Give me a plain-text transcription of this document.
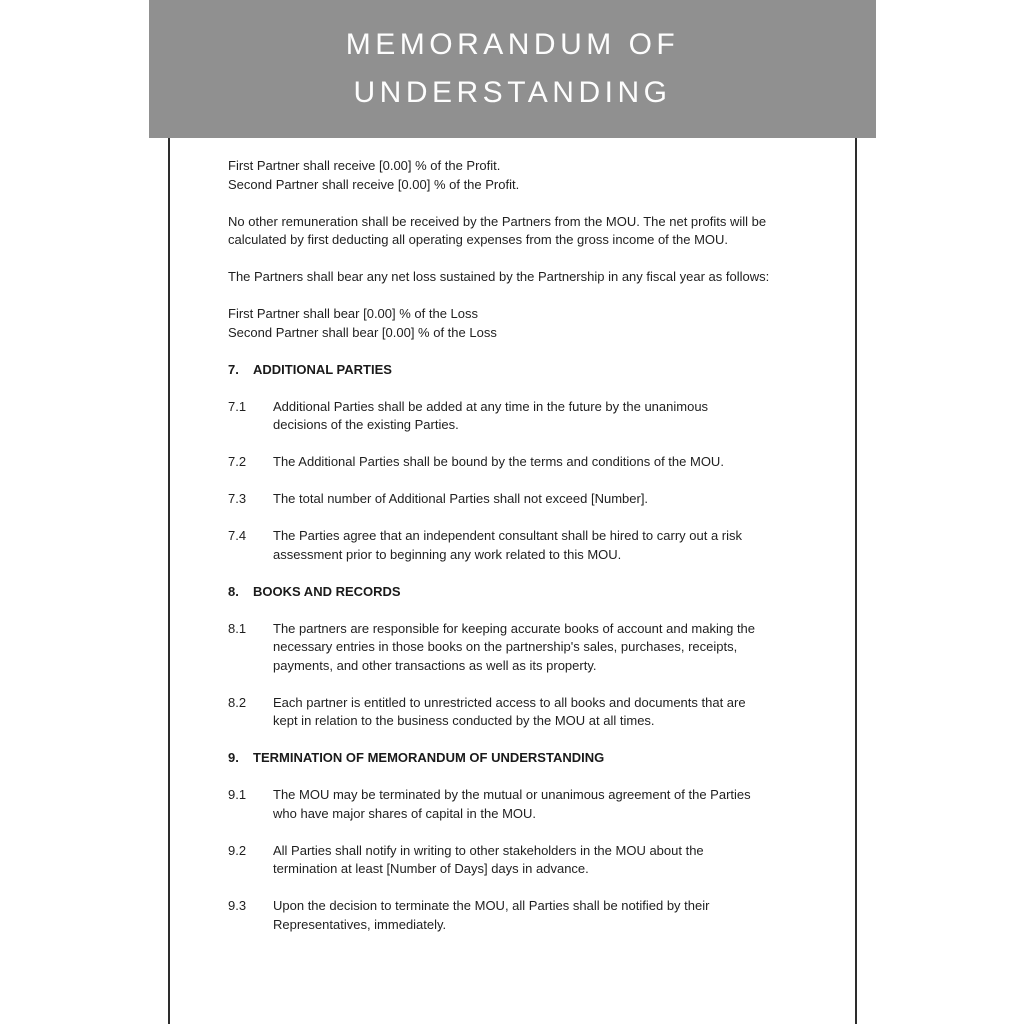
MEMORANDUM OF UNDERSTANDING

First Partner shall receive [0.00] % of the Profit.
Second Partner shall receive [0.00] % of the Profit.

No other remuneration shall be received by the Partners from the MOU. The net profits will be calculated by first deducting all operating expenses from the gross income of the MOU.

The Partners shall bear any net loss sustained by the Partnership in any fiscal year as follows:

First Partner shall bear [0.00] % of the Loss
Second Partner shall bear [0.00] % of the Loss

7.	ADDITIONAL PARTIES
7.1	Additional Parties shall be added at any time in the future by the unanimous decisions of the existing Parties.
7.2	The Additional Parties shall be bound by the terms and conditions of the MOU.
7.3	The total number of Additional Parties shall not exceed [Number].
7.4	The Parties agree that an independent consultant shall be hired to carry out a risk assessment prior to beginning any work related to this MOU.
8.	BOOKS AND RECORDS
8.1	The partners are responsible for keeping accurate books of account and making the necessary entries in those books on the partnership's sales, purchases, receipts, payments, and other transactions as well as its property.
8.2	Each partner is entitled to unrestricted access to all books and documents that are kept in relation to the business conducted by the MOU at all times.
9.	TERMINATION OF MEMORANDUM OF UNDERSTANDING
9.1	The MOU may be terminated by the mutual or unanimous agreement of the Parties who have major shares of capital in the MOU.
9.2	All Parties shall notify in writing to other stakeholders in the MOU about the termination at least [Number of Days] days in advance.
9.3	Upon the decision to terminate the MOU, all Parties shall be notified by their Representatives, immediately.
